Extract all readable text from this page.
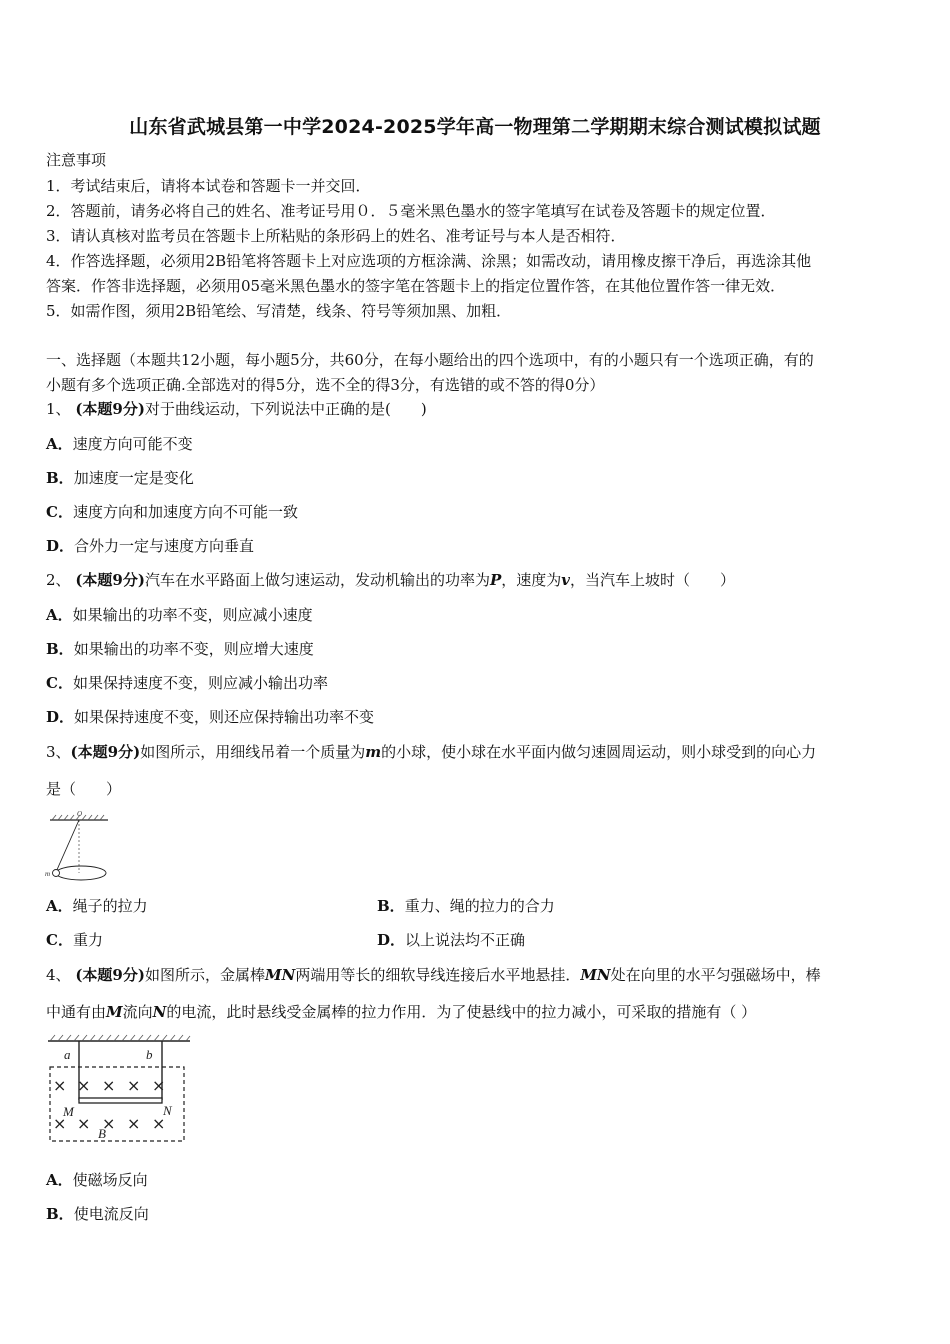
山东省武城县第一中学2024-2025学年高一物理第二学期期末综合测试模拟试题
注意事项
1．考试结束后，请将本试卷和答题卡一并交回．
2．答题前，请务必将自己的姓名、准考证号用０．５毫米黑色墨水的签字笔填写在试卷及答题卡的规定位置．
3．请认真核对监考员在答题卡上所粘贴的条形码上的姓名、准考证号与本人是否相符．
4．作答选择题，必须用2B铅笔将答题卡上对应选项的方框涂满、涂黑；如需改动，请用橡皮擦干净后，再选涂其他
答案．作答非选择题，必须用05毫米黑色墨水的签字笔在答题卡上的指定位置作答，在其他位置作答一律无效．
5．如需作图，须用2B铅笔绘、写清楚，线条、符号等须加黑、加粗．
一、选择题（本题共12小题，每小题5分，共60分，在每小题给出的四个选项中，有的小题只有一个选项正确，有的
小题有多个选项正确.全部选对的得5分，选不全的得3分，有选错的或不答的得0分）
1、 (本题9分)对于曲线运动，下列说法中正确的是(　　)
A．速度方向可能不变
B．加速度一定是变化
C．速度方向和加速度方向不可能一致
D．合外力一定与速度方向垂直
2、 (本题9分)汽车在水平路面上做匀速运动，发动机输出的功率为P，速度为v，当汽车上坡时（　　）
A．如果输出的功率不变，则应减小速度
B．如果输出的功率不变，则应增大速度
C．如果保持速度不变，则应减小输出功率
D．如果保持速度不变，则还应保持输出功率不变
3、(本题9分)如图所示，用细线吊着一个质量为m的小球，使小球在水平面内做匀速圆周运动，则小球受到的向心力
是（　　）
O
m
A．绳子的拉力	B．重力、绳的拉力的合力
C．重力	D．以上说法均不正确
4、 (本题9分)如图所示，金属棒MN两端用等长的细软导线连接后水平地悬挂．MN处在向里的水平匀强磁场中，棒
中通有由M流向N的电流，此时悬线受金属棒的拉力作用．为了使悬线中的拉力减小，可采取的措施有（ ）
a	b
× × × × ×
× × × × ×
M	N
B
A．使磁场反向
B．使电流反向
